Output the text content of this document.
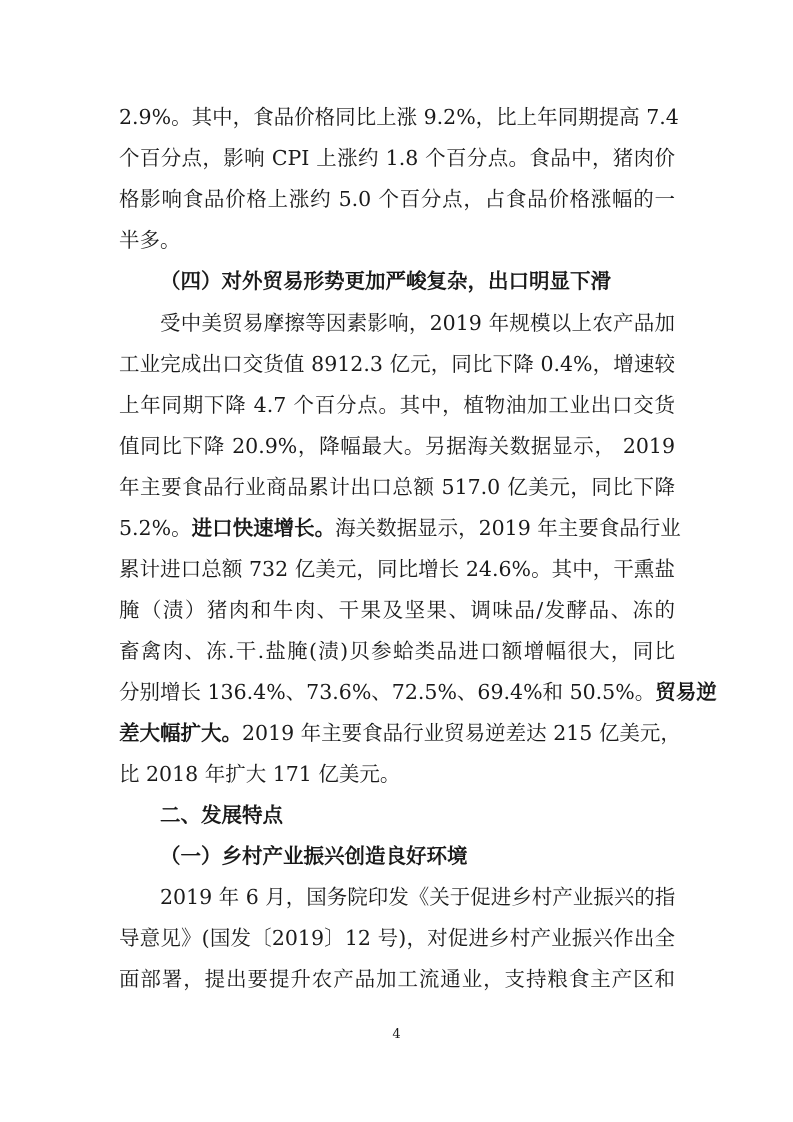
2.9%。其中，食品价格同比上涨 9.2%，比上年同期提高 7.4
个百分点，影响 CPI 上涨约 1.8 个百分点。食品中，猪肉价
格影响食品价格上涨约 5.0 个百分点，占食品价格涨幅的一
半多。
（四）对外贸易形势更加严峻复杂，出口明显下滑
受中美贸易摩擦等因素影响，2019 年规模以上农产品加
工业完成出口交货值 8912.3 亿元，同比下降 0.4%，增速较
上年同期下降 4.7 个百分点。其中，植物油加工业出口交货
值同比下降 20.9%，降幅最大。另据海关数据显示， 2019
年主要食品行业商品累计出口总额 517.0 亿美元，同比下降
5.2%。进口快速增长。海关数据显示，2019 年主要食品行业
累计进口总额 732 亿美元，同比增长 24.6%。其中，干熏盐
腌（渍）猪肉和牛肉、干果及坚果、调味品/发酵品、冻的
畜禽肉、冻.干.盐腌(渍)贝参蛤类品进口额增幅很大，同比
分别增长 136.4%、73.6%、72.5%、69.4%和 50.5%。贸易逆
差大幅扩大。2019 年主要食品行业贸易逆差达 215 亿美元，
比 2018 年扩大 171 亿美元。
二、发展特点
（一）乡村产业振兴创造良好环境
2019 年 6 月，国务院印发《关于促进乡村产业振兴的指
导意见》(国发〔2019〕12 号)，对促进乡村产业振兴作出全
面部署，提出要提升农产品加工流通业，支持粮食主产区和
4
